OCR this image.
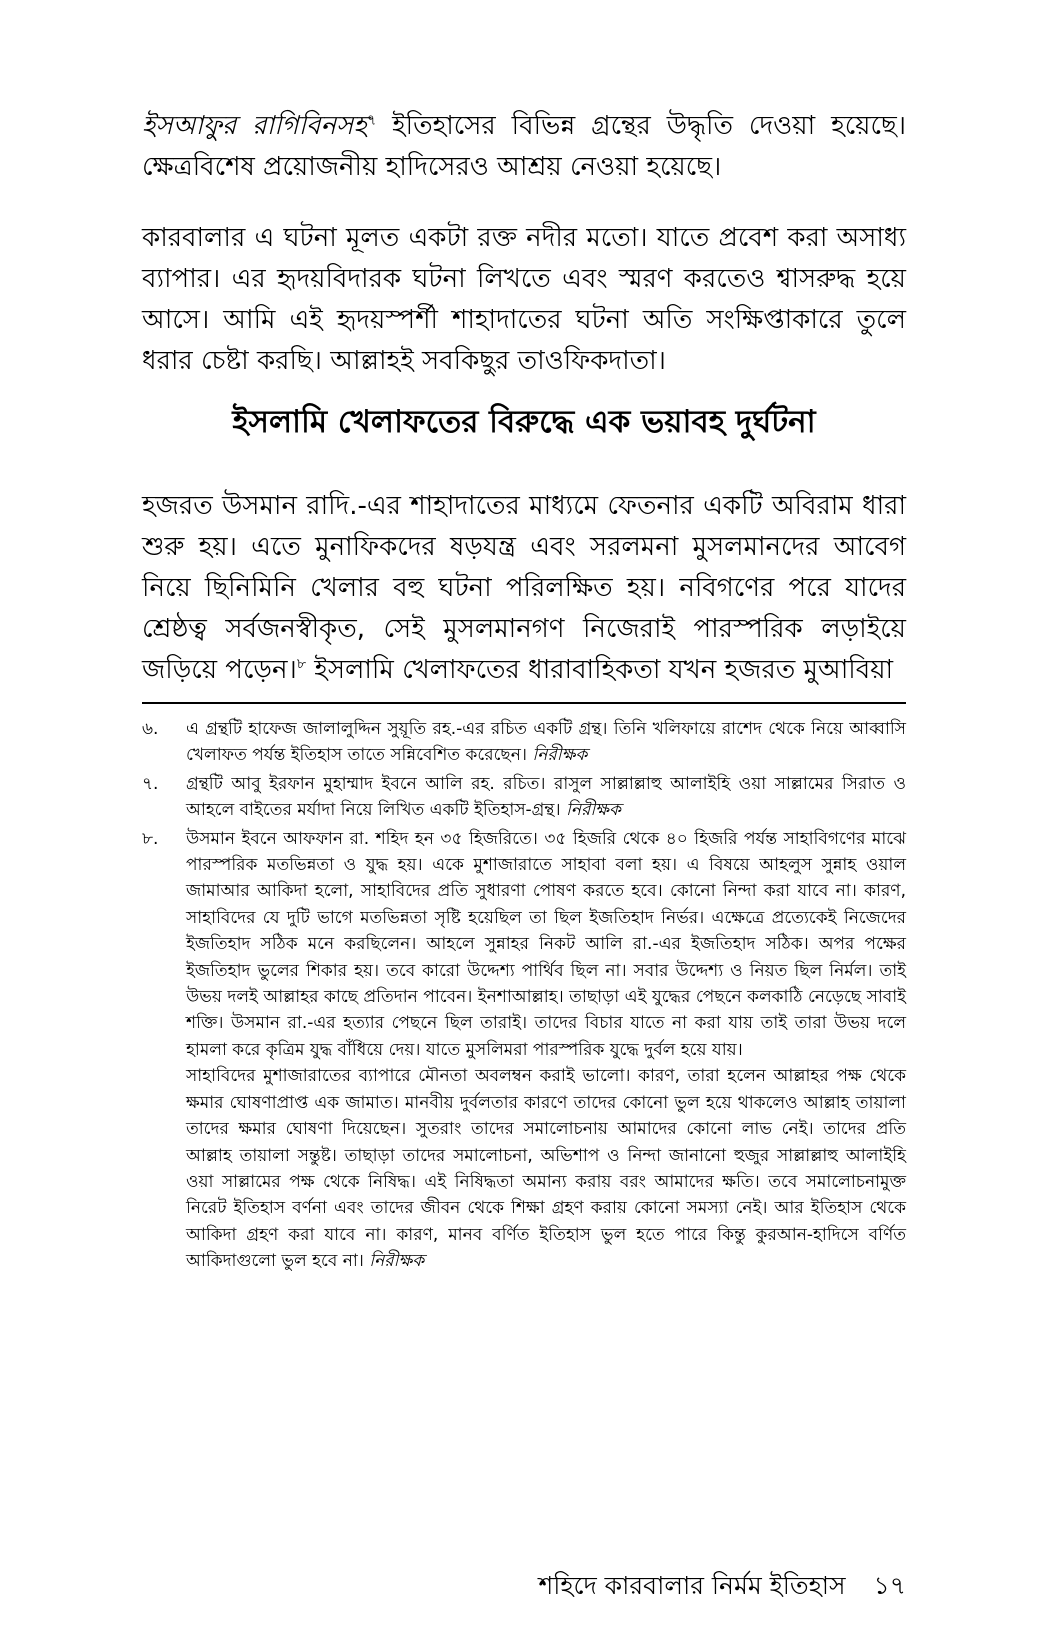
ইসআফুর রাগিবিনসহ$^৭$ ইতিহাসের বিভিন্ন গ্রন্থের উদ্ধৃতি দেওয়া হয়েছে। ক্ষেত্রবিশেষ প্রয়োজনীয় হাদিসেরও আশ্রয় নেওয়া হয়েছে।

কারবালার এ ঘটনা মূলত একটা রক্ত নদীর মতো। যাতে প্রবেশ করা অসাধ্য ব্যাপার। এর হৃদয়বিদারক ঘটনা লিখতে এবং স্মরণ করতেও শ্বাসরুদ্ধ হয়ে আসে। আমি এই হৃদয়স্পর্শী শাহাদাতের ঘটনা অতি সংক্ষিপ্তাকারে তুলে ধরার চেষ্টা করছি। আল্লাহই সবকিছুর তাওফিকদাতা।

ইসলামি খেলাফতের বিরুদ্ধে এক ভয়াবহ দুর্ঘটনা

হজরত উসমান রাদি.-এর শাহাদাতের মাধ্যমে ফেতনার একটি অবিরাম ধারা শুরু হয়। এতে মুনাফিকদের ষড়যন্ত্র এবং সরলমনা মুসলমানদের আবেগ নিয়ে ছিনিমিনি খেলার বহু ঘটনা পরিলক্ষিত হয়। নবিগণের পরে যাদের শ্রেষ্ঠত্ব সর্বজনস্বীকৃত, সেই মুসলমানগণ নিজেরাই পারস্পরিক লড়াইয়ে জড়িয়ে পড়েন।$^৮$ ইসলামি খেলাফতের ধারাবাহিকতা যখন হজরত মুআবিয়া

৬.	এ গ্রন্থটি হাফেজ জালালুদ্দিন সুয়ূতি রহ.-এর রচিত একটি গ্রন্থ। তিনি খলিফায়ে রাশেদ থেকে নিয়ে আব্বাসি খেলাফত পর্যন্ত ইতিহাস তাতে সন্নিবেশিত করেছেন। নিরীক্ষক

৭.	গ্রন্থটি আবু ইরফান মুহাম্মাদ ইবনে আলি রহ. রচিত। রাসুল সাল্লাল্লাহু আলাইহি ওয়া সাল্লামের সিরাত ও আহলে বাইতের মর্যাদা নিয়ে লিখিত একটি ইতিহাস-গ্রন্থ। নিরীক্ষক

৮.	উসমান ইবনে আফফান রা. শহিদ হন ৩৫ হিজরিতে। ৩৫ হিজরি থেকে ৪০ হিজরি পর্যন্ত সাহাবিগণের মাঝে পারস্পরিক মতভিন্নতা ও যুদ্ধ হয়। একে মুশাজারাতে সাহাবা বলা হয়। এ বিষয়ে আহলুস সুন্নাহ ওয়াল জামাআর আকিদা হলো, সাহাবিদের প্রতি সুধারণা পোষণ করতে হবে। কোনো নিন্দা করা যাবে না। কারণ, সাহাবিদের যে দুটি ভাগে মতভিন্নতা সৃষ্টি হয়েছিল তা ছিল ইজতিহাদ নির্ভর। এক্ষেত্রে প্রত্যেকেই নিজেদের ইজতিহাদ সঠিক মনে করছিলেন। আহলে সুন্নাহর নিকট আলি রা.-এর ইজতিহাদ সঠিক। অপর পক্ষের ইজতিহাদ ভুলের শিকার হয়। তবে কারো উদ্দেশ্য পার্থিব ছিল না। সবার উদ্দেশ্য ও নিয়ত ছিল নির্মল। তাই উভয় দলই আল্লাহর কাছে প্রতিদান পাবেন। ইনশাআল্লাহ। তাছাড়া এই যুদ্ধের পেছনে কলকাঠি নেড়েছে সাবাই শক্তি। উসমান রা.-এর হত্যার পেছনে ছিল তারাই। তাদের বিচার যাতে না করা যায় তাই তারা উভয় দলে হামলা করে কৃত্রিম যুদ্ধ বাঁধিয়ে দেয়। যাতে মুসলিমরা পারস্পরিক যুদ্ধে দুর্বল হয়ে যায়।

সাহাবিদের মুশাজারাতের ব্যাপারে মৌনতা অবলম্বন করাই ভালো। কারণ, তারা হলেন আল্লাহর পক্ষ থেকে ক্ষমার ঘোষণাপ্রাপ্ত এক জামাত। মানবীয় দুর্বলতার কারণে তাদের কোনো ভুল হয়ে থাকলেও আল্লাহ তায়ালা তাদের ক্ষমার ঘোষণা দিয়েছেন। সুতরাং তাদের সমালোচনায় আমাদের কোনো লাভ নেই। তাদের প্রতি আল্লাহ তায়ালা সন্তুষ্ট। তাছাড়া তাদের সমালোচনা, অভিশাপ ও নিন্দা জানানো হুজুর সাল্লাল্লাহু আলাইহি ওয়া সাল্লামের পক্ষ থেকে নিষিদ্ধ। এই নিষিদ্ধতা অমান্য করায় বরং আমাদের ক্ষতি। তবে সমালোচনামুক্ত নিরেট ইতিহাস বর্ণনা এবং তাদের জীবন থেকে শিক্ষা গ্রহণ করায় কোনো সমস্যা নেই। আর ইতিহাস থেকে আকিদা গ্রহণ করা যাবে না। কারণ, মানব বর্ণিত ইতিহাস ভুল হতে পারে কিন্তু কুরআন-হাদিসে বর্ণিত আকিদাগুলো ভুল হবে না। নিরীক্ষক

শহিদে কারবালার নির্মম ইতিহাস ১৭
